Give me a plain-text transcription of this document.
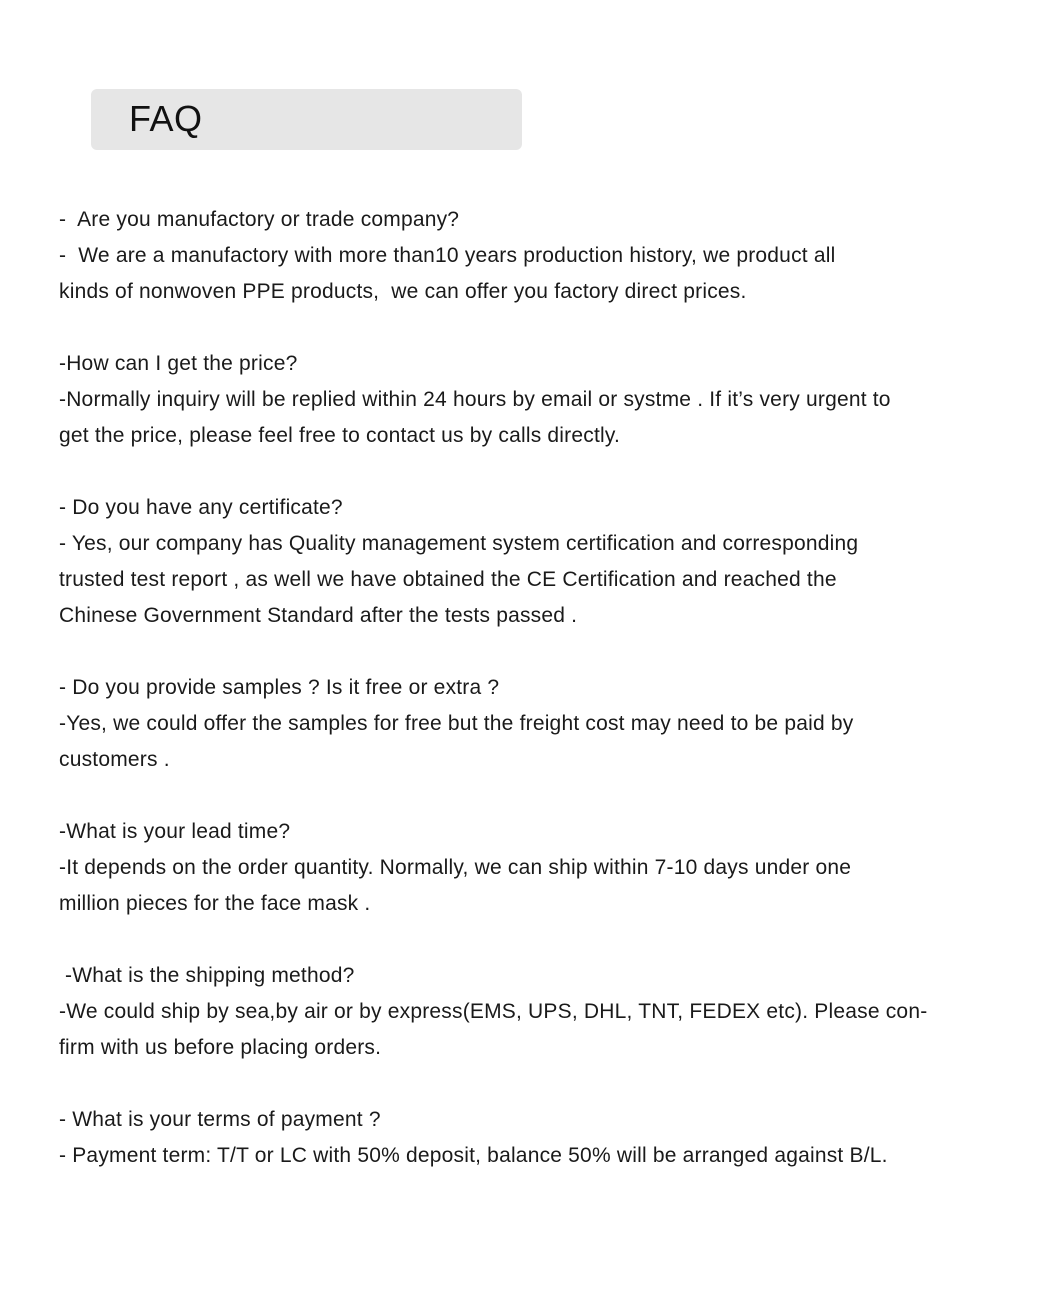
FAQ

-  Are you manufactory or trade company?

-  We are a manufactory with more than10 years production history, we product all

kinds of nonwoven PPE products,  we can offer you factory direct prices.

-How can I get the price?

-Normally inquiry will be replied within 24 hours by email or systme . If it’s very urgent to

get the price, please feel free to contact us by calls directly.

- Do you have any certificate?

- Yes, our company has Quality management system certification and corresponding

trusted test report , as well we have obtained the CE Certification and reached the

Chinese Government Standard after the tests passed .

- Do you provide samples ? Is it free or extra ?

-Yes, we could offer the samples for free but the freight cost may need to be paid by

customers .

-What is your lead time?

-It depends on the order quantity. Normally, we can ship within 7-10 days under one

million pieces for the face mask .

-What is the shipping method?

-We could ship by sea,by air or by express(EMS, UPS, DHL, TNT, FEDEX etc). Please con-

firm with us before placing orders.

- What is your terms of payment ?

- Payment term: T/T or LC with 50% deposit, balance 50% will be arranged against B/L.
